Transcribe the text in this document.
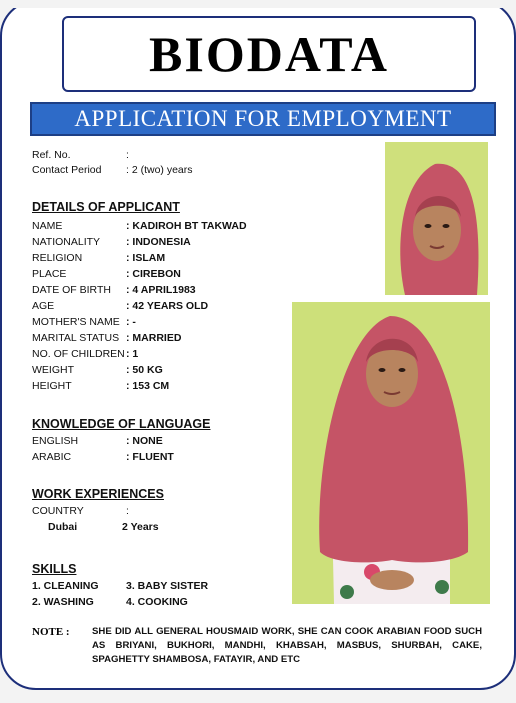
BIODATA
APPLICATION FOR EMPLOYMENT
Ref. No.	:
Contact Period : 2 (two) years
DETAILS OF APPLICANT
NAME	: KADIROH BT TAKWAD
NATIONALITY : INDONESIA
RELIGION	: ISLAM
PLACE	: CIREBON
DATE OF BIRTH : 4 APRIL1983
AGE	: 42 YEARS OLD
MOTHER'S NAME : -
MARITAL STATUS : MARRIED
NO. OF CHILDREN: 1
WEIGHT	: 50 KG
HEIGHT	: 153 CM
KNOWLEDGE OF LANGUAGE
ENGLISH	: NONE
ARABIC	: FLUENT
WORK EXPERIENCES
COUNTRY	:
Dubai	2 Years
SKILLS
1. CLEANING	3. BABY SISTER
2. WASHING	4. COOKING
NOTE : SHE DID ALL GENERAL HOUSMAID WORK, SHE CAN COOK ARABIAN FOOD SUCH AS BRIYANI, BUKHORI, MANDHI, KHABSAH, MASBUS, SHURBAH, CAKE, SPAGHETTY SHAMBOSA, FATAYIR, AND ETC
